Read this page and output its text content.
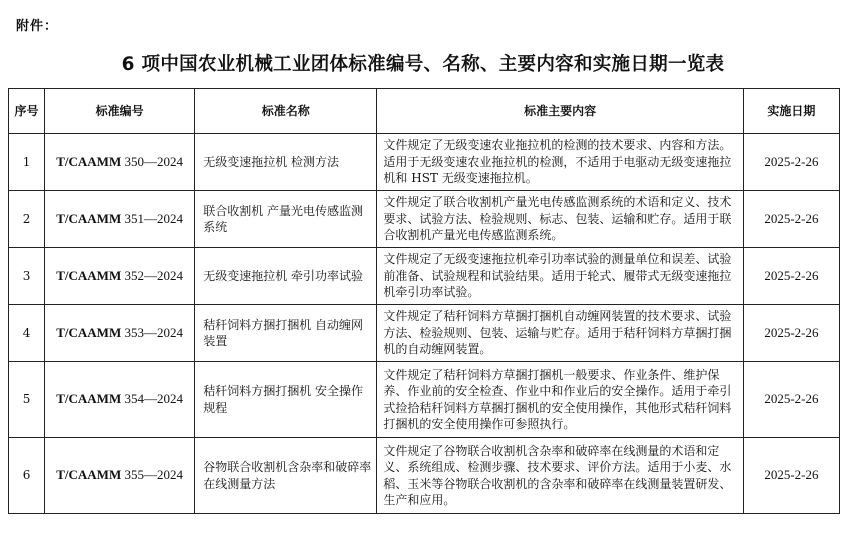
附件：
6 项中国农业机械工业团体标准编号、名称、主要内容和实施日期一览表
序号	标准编号	标准名称	标准主要内容	实施日期
1	T/CAAMM 350—2024	无级变速拖拉机 检测方法	文件规定了无级变速农业拖拉机的检测的技术要求、内容和方法。适用于无级变速农业拖拉机的检测，不适用于电驱动无级变速拖拉机和 HST 无级变速拖拉机。	2025-2-26
2	T/CAAMM 351—2024	联合收割机 产量光电传感监测系统	文件规定了联合收割机产量光电传感监测系统的术语和定义、技术要求、试验方法、检验规则、标志、包装、运输和贮存。适用于联合收割机产量光电传感监测系统。	2025-2-26
3	T/CAAMM 352—2024	无级变速拖拉机 牵引功率试验	文件规定了无级变速拖拉机牵引功率试验的测量单位和误差、试验前准备、试验规程和试验结果。适用于轮式、履带式无级变速拖拉机牵引功率试验。	2025-2-26
4	T/CAAMM 353—2024	秸秆饲料方捆打捆机 自动缠网装置	文件规定了秸秆饲料方草捆打捆机自动缠网装置的技术要求、试验方法、检验规则、包装、运输与贮存。适用于秸秆饲料方草捆打捆机的自动缠网装置。	2025-2-26
5	T/CAAMM 354—2024	秸秆饲料方捆打捆机 安全操作规程	文件规定了秸秆饲料方草捆打捆机一般要求、作业条件、维护保养、作业前的安全检查、作业中和作业后的安全操作。适用于牵引式捡拾秸秆饲料方草捆打捆机的安全使用操作，其他形式秸秆饲料打捆机的安全使用操作可参照执行。	2025-2-26
6	T/CAAMM 355—2024	谷物联合收割机含杂率和破碎率在线测量方法	文件规定了谷物联合收割机含杂率和破碎率在线测量的术语和定义、系统组成、检测步骤、技术要求、评价方法。适用于小麦、水稻、玉米等谷物联合收割机的含杂率和破碎率在线测量装置研发、生产和应用。	2025-2-26
